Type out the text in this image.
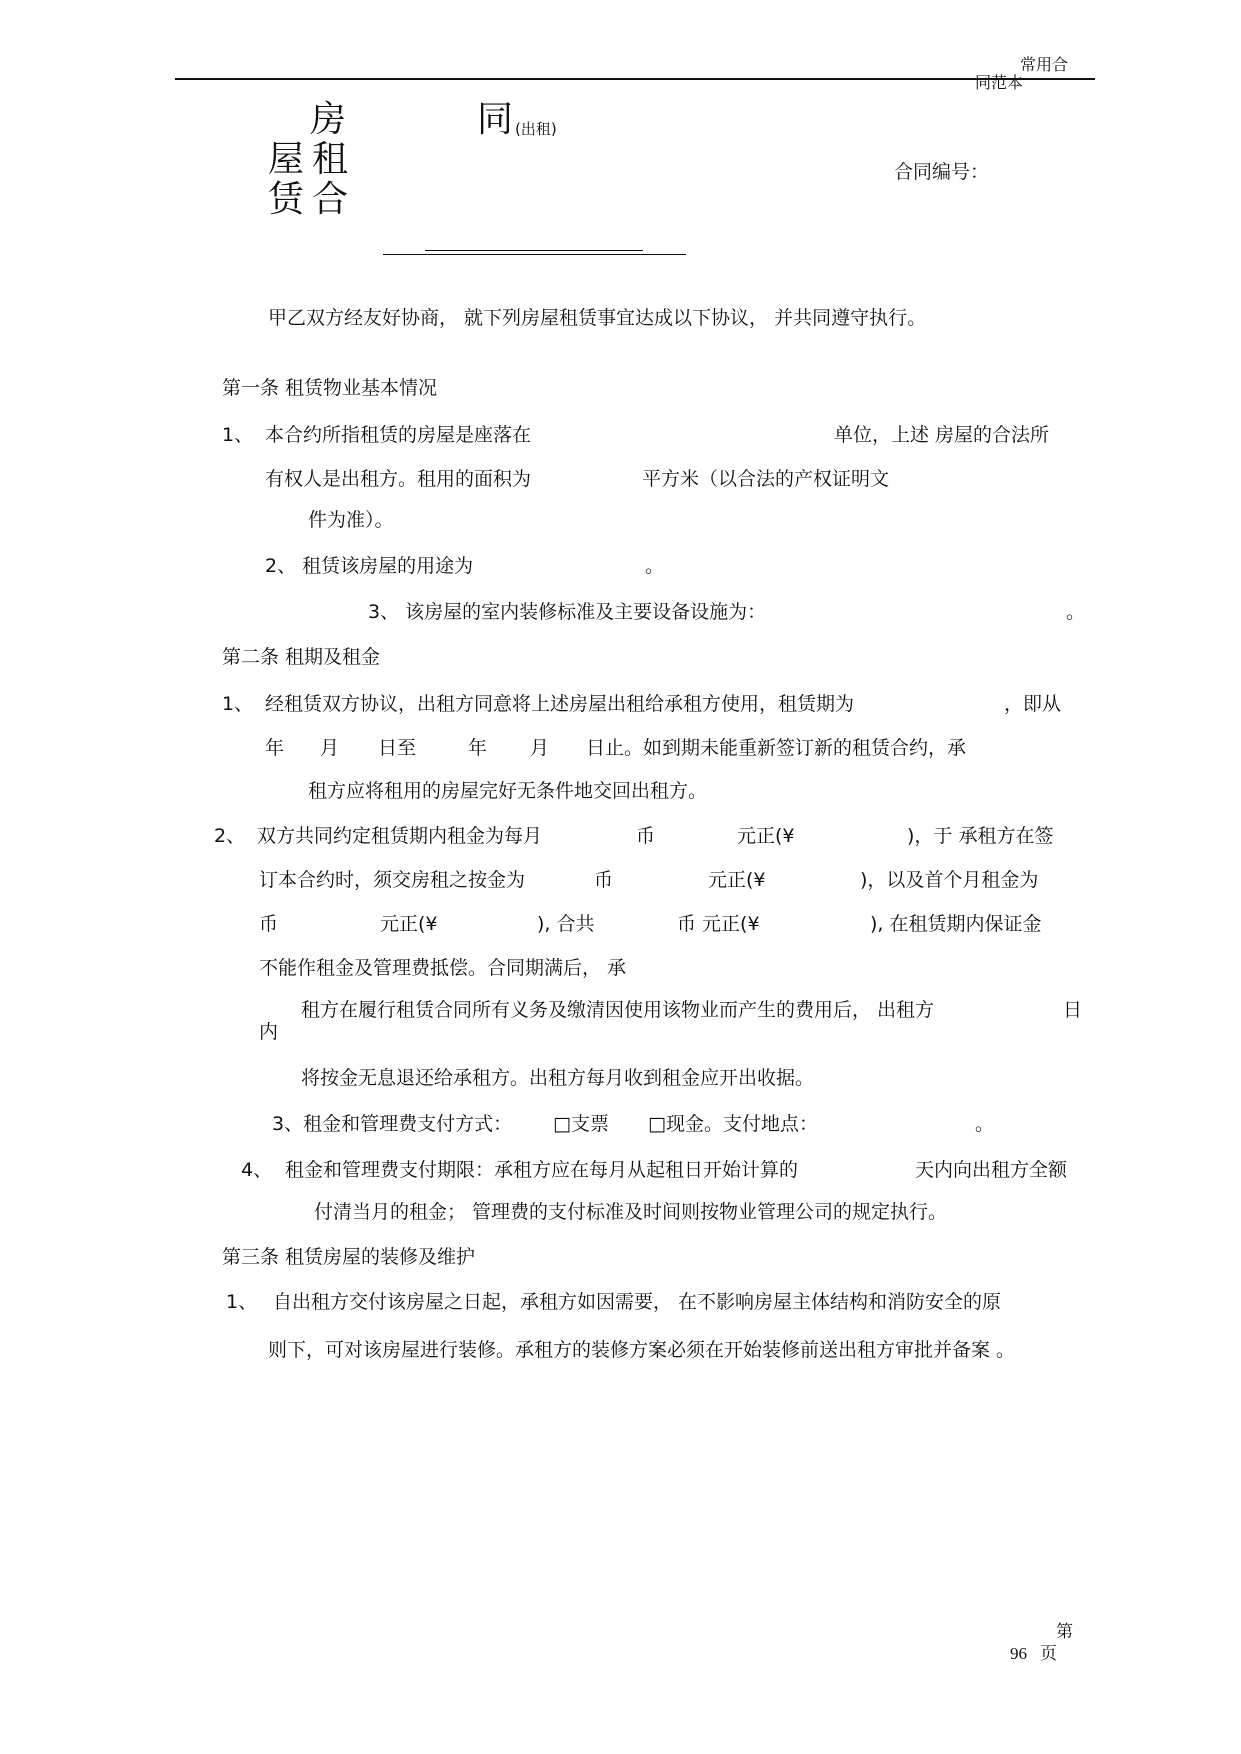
常用合
同范本
房
屋 租
赁 合
同 (出租)
合同编号：
甲乙双方经友好协商， 就下列房屋租赁事宜达成以下协议， 并共同遵守执行。
第一条 租赁物业基本情况
1、 本合约所指租赁的房屋是座落在	单位，上述 房屋的合法所
有权人是出租方。租用的面积为	平方米（以合法的产权证明文
件为准）。
2、 租赁该房屋的用途为	。
3、 该房屋的室内装修标准及主要设备设施为：	。
第二条 租期及租金
1、 经租赁双方协议，出租方同意将上述房屋出租给承租方使用，租赁期为	，即从
年 月 日至	年 月 日止。如到期未能重新签订新的租赁合约，承
租方应将租用的房屋完好无条件地交回出租方。
2、 双方共同约定租赁期内租金为每月	币	元正(¥	)，于 承租方在签
订本合约时，须交房租之按金为	币	元正(¥	)，以及首个月租金为
币	元正(¥	), 合共	币 元正(¥	), 在租赁期内保证金
不能作租金及管理费抵偿。合同期满后， 承
租方在履行租赁合同所有义务及缴清因使用该物业而产生的费用后， 出租方	日
内
将按金无息退还给承租方。出租方每月收到租金应开出收据。
3、租金和管理费支付方式： □支票 □现金。支付地点：	。
4、 租金和管理费支付期限：承租方应在每月从起租日开始计算的	天内向出租方全额
付清当月的租金； 管理费的支付标准及时间则按物业管理公司的规定执行。
第三条 租赁房屋的装修及维护
1、 自出租方交付该房屋之日起，承租方如因需要， 在不影响房屋主体结构和消防安全的原
则下，可对该房屋进行装修。承租方的装修方案必须在开始装修前送出租方审批并备案 。
第
96 页
